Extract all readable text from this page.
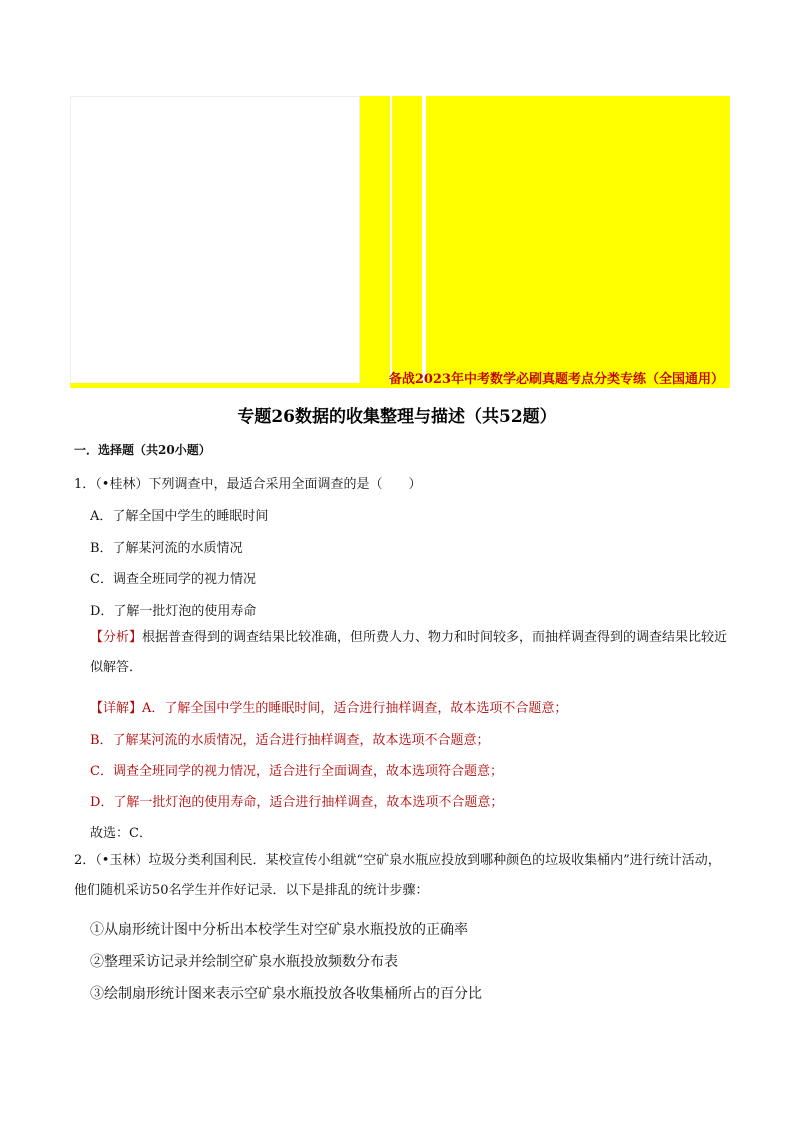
备战2023年中考数学必刷真题考点分类专练（全国通用）
专题26数据的收集整理与描述（共52题）
一．选择题（共20小题）
1．（•桂林）下列调查中，最适合采用全面调查的是（　　）
A．了解全国中学生的睡眠时间
B．了解某河流的水质情况
C．调查全班同学的视力情况
D．了解一批灯泡的使用寿命
【分析】根据普查得到的调查结果比较准确，但所费人力、物力和时间较多，而抽样调查得到的调查结果比较近似解答．
【详解】A．了解全国中学生的睡眠时间，适合进行抽样调查，故本选项不合题意；
B．了解某河流的水质情况，适合进行抽样调查，故本选项不合题意；
C．调查全班同学的视力情况，适合进行全面调查，故本选项符合题意；
D．了解一批灯泡的使用寿命，适合进行抽样调查，故本选项不合题意；
故选：C．
2．（•玉林）垃圾分类利国利民．某校宣传小组就“空矿泉水瓶应投放到哪种颜色的垃圾收集桶内”进行统计活动，他们随机采访50名学生并作好记录．以下是排乱的统计步骤：
①从扇形统计图中分析出本校学生对空矿泉水瓶投放的正确率
②整理采访记录并绘制空矿泉水瓶投放频数分布表
③绘制扇形统计图来表示空矿泉水瓶投放各收集桶所占的百分比
